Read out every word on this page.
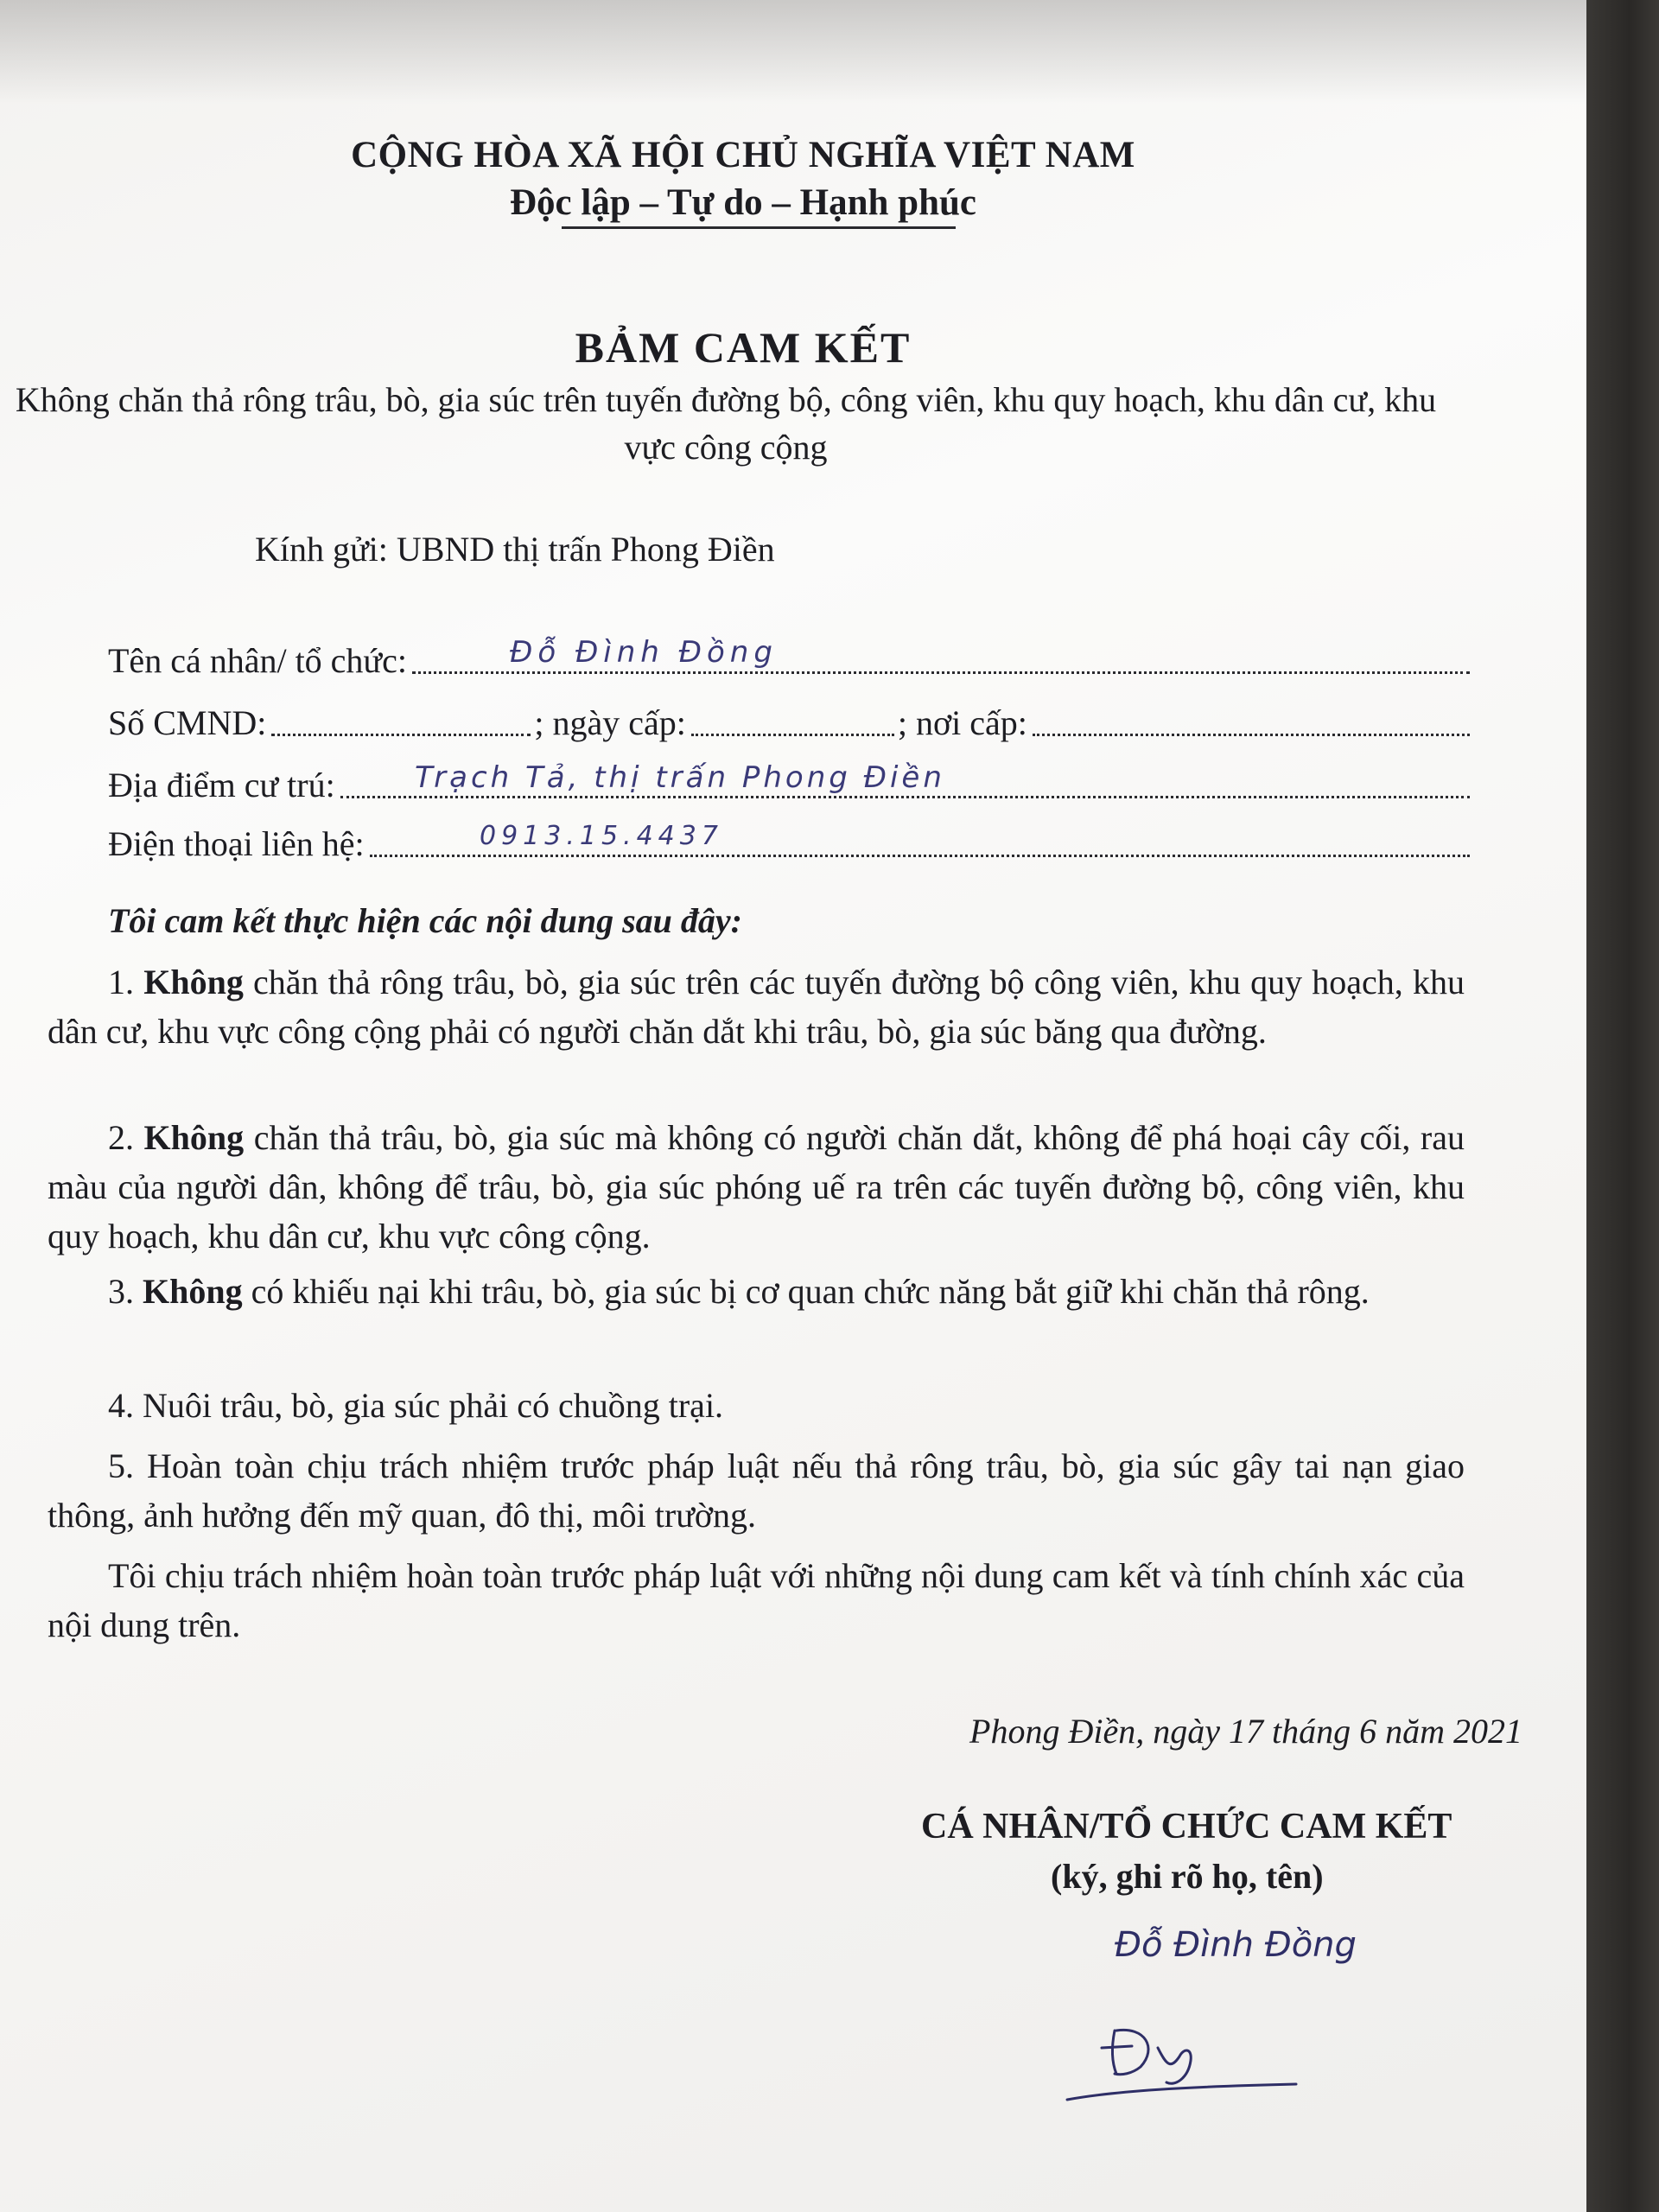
CỘNG HÒA XÃ HỘI CHỦ NGHĨA VIỆT NAM
Độc lập – Tự do – Hạnh phúc
BẢM CAM KẾT
Không chăn thả rông trâu, bò, gia súc trên tuyến đường bộ, công viên, khu quy hoạch, khu dân cư, khu vực công cộng
Kính gửi: UBND thị trấn Phong Điền
Tên cá nhân/ tổ chức:	Đỗ Đình Đồng
Số CMND:	; ngày cấp:	; nơi cấp:
Địa điểm cư trú:	Trạch Tả, thị trấn Phong Điền
Điện thoại liên hệ:	0913.15.4437
Tôi cam kết thực hiện các nội dung sau đây:
1. Không chăn thả rông trâu, bò, gia súc trên các tuyến đường bộ công viên, khu quy hoạch, khu dân cư, khu vực công cộng phải có người chăn dắt khi trâu, bò, gia súc băng qua đường.
2. Không chăn thả trâu, bò, gia súc mà không có người chăn dắt, không để phá hoại cây cối, rau màu của người dân, không để trâu, bò, gia súc phóng uế ra trên các tuyến đường bộ, công viên, khu quy hoạch, khu dân cư, khu vực công cộng.
3. Không có khiếu nại khi trâu, bò, gia súc bị cơ quan chức năng bắt giữ khi chăn thả rông.
4. Nuôi trâu, bò, gia súc phải có chuồng trại.
5. Hoàn toàn chịu trách nhiệm trước pháp luật nếu thả rông trâu, bò, gia súc gây tai nạn giao thông, ảnh hưởng đến mỹ quan, đô thị, môi trường.
Tôi chịu trách nhiệm hoàn toàn trước pháp luật với những nội dung cam kết và tính chính xác của nội dung trên.
Phong Điền, ngày 17 tháng 6 năm 2021
CÁ NHÂN/TỔ CHỨC CAM KẾT
(ký, ghi rõ họ, tên)
Đỗ Đình Đồng
